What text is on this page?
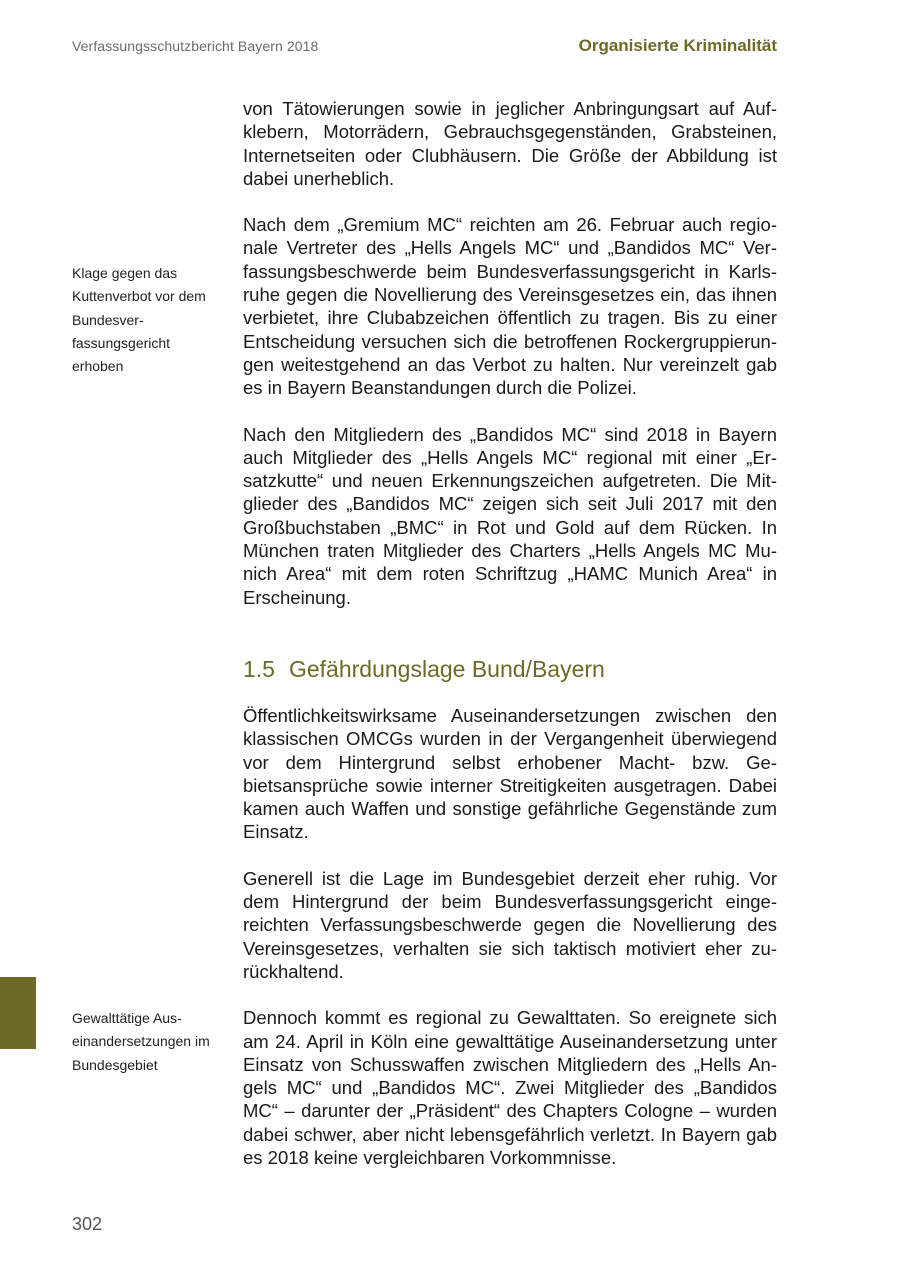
Verfassungsschutzbericht Bayern 2018	Organisierte Kriminalität
Klage gegen das Kuttenverbot vor dem Bundesverfassungsgericht erhoben
Gewalttätige Auseinandersetzungen im Bundesgebiet

von Tätowierungen sowie in jeglicher Anbringungsart auf Aufklebern, Motorrädern, Gebrauchsgegenständen, Grabsteinen, Internetseiten oder Clubhäusern. Die Größe der Abbildung ist dabei unerheblich.

Nach dem „Gremium MC“ reichten am 26. Februar auch regionale Vertreter des „Hells Angels MC“ und „Bandidos MC“ Verfassungsbeschwerde beim Bundesverfassungsgericht in Karlsruhe gegen die Novellierung des Vereinsgesetzes ein, das ihnen verbietet, ihre Clubabzeichen öffentlich zu tragen. Bis zu einer Entscheidung versuchen sich die betroffenen Rockergruppierungen weitestgehend an das Verbot zu halten. Nur vereinzelt gab es in Bayern Beanstandungen durch die Polizei.

Nach den Mitgliedern des „Bandidos MC“ sind 2018 in Bayern auch Mitglieder des „Hells Angels MC“ regional mit einer „Ersatzkutte“ und neuen Erkennungszeichen aufgetreten. Die Mitglieder des „Bandidos MC“ zeigen sich seit Juli 2017 mit den Großbuchstaben „BMC“ in Rot und Gold auf dem Rücken. In München traten Mitglieder des Charters „Hells Angels MC Munich Area“ mit dem roten Schriftzug „HAMC Munich Area“ in Erscheinung.

1.5 Gefährdungslage Bund/Bayern

Öffentlichkeitswirksame Auseinandersetzungen zwischen den klassischen OMCGs wurden in der Vergangenheit überwiegend vor dem Hintergrund selbst erhobener Macht- bzw. Gebietsansprüche sowie interner Streitigkeiten ausgetragen. Dabei kamen auch Waffen und sonstige gefährliche Gegenstände zum Einsatz.

Generell ist die Lage im Bundesgebiet derzeit eher ruhig. Vor dem Hintergrund der beim Bundesverfassungsgericht eingereichten Verfassungsbeschwerde gegen die Novellierung des Vereinsgesetzes, verhalten sie sich taktisch motiviert eher zurückhaltend.

Dennoch kommt es regional zu Gewalttaten. So ereignete sich am 24. April in Köln eine gewalttätige Auseinandersetzung unter Einsatz von Schusswaffen zwischen Mitgliedern des „Hells Angels MC“ und „Bandidos MC“. Zwei Mitglieder des „Bandidos MC“ – darunter der „Präsident“ des Chapters Cologne – wurden dabei schwer, aber nicht lebensgefährlich verletzt. In Bayern gab es 2018 keine vergleichbaren Vorkommnisse.

302
